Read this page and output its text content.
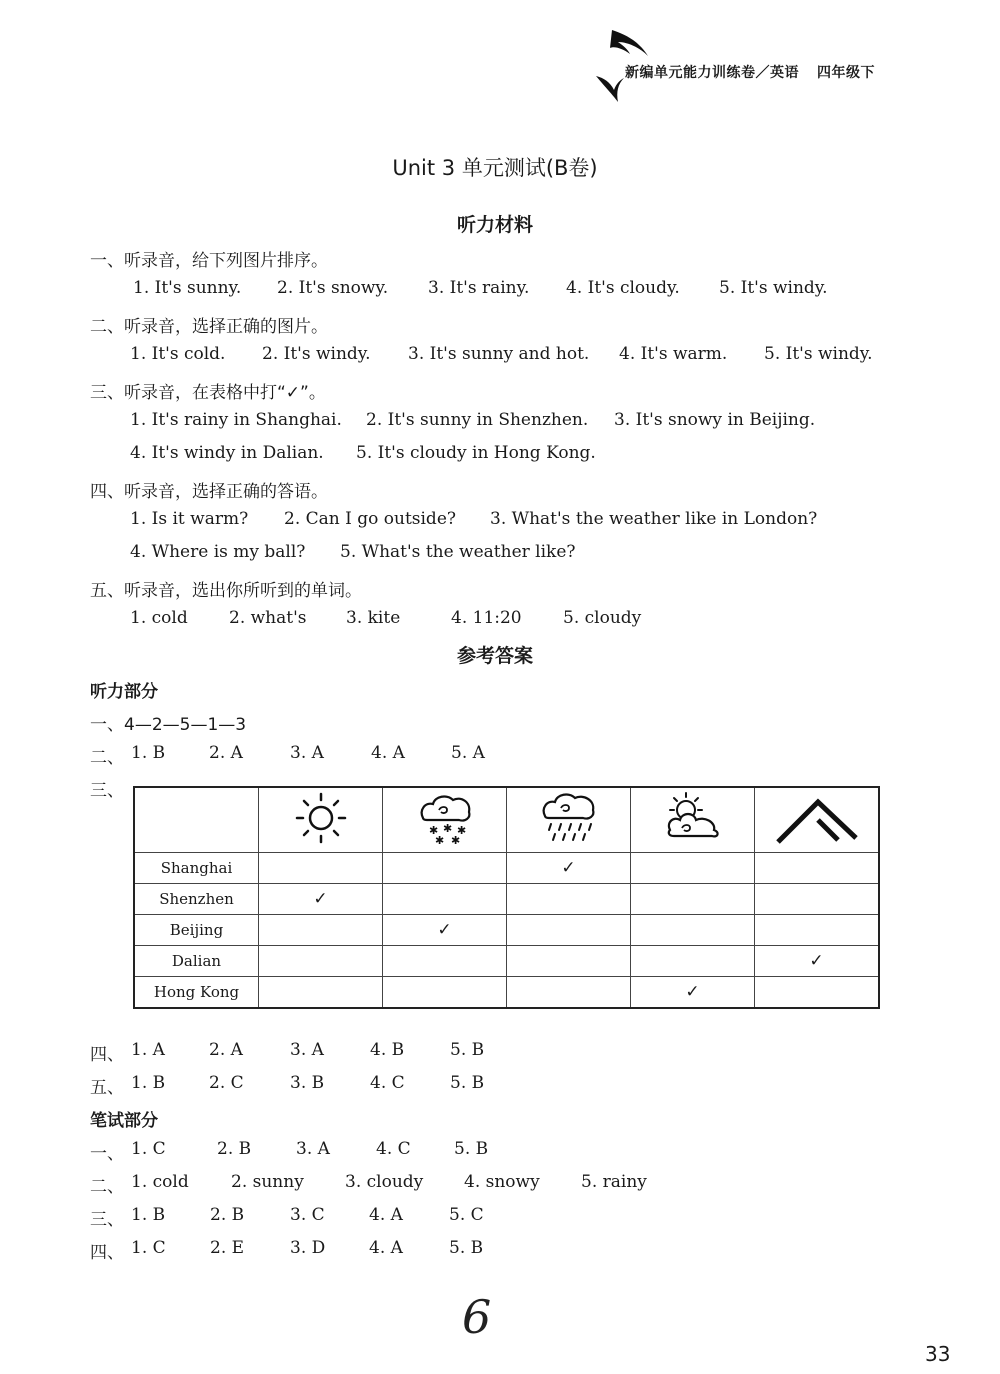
新编单元能力训练卷／英语 四年级下
Unit 3 单元测试(B卷)
听力材料
一、听录音，给下列图片排序。
1. It's sunny. 2. It's snowy. 3. It's rainy. 4. It's cloudy. 5. It's windy.
二、听录音，选择正确的图片。
1. It's cold. 2. It's windy. 3. It's sunny and hot. 4. It's warm. 5. It's windy.
三、听录音，在表格中打“✓”。
1. It's rainy in Shanghai. 2. It's sunny in Shenzhen. 3. It's snowy in Beijing.
4. It's windy in Dalian. 5. It's cloudy in Hong Kong.
四、听录音，选择正确的答语。
1. Is it warm? 2. Can I go outside? 3. What's the weather like in London?
4. Where is my ball? 5. What's the weather like?
五、听录音，选出你所听到的单词。
1. cold 2. what's 3. kite	4. 11:20 5. cloudy
参考答案
听力部分
一、4—2—5—1—3
二、 1. B	2. A	3. A	4. A	5. A
三、

✱ ✱ ✱
✱ ✱

Shanghai			✓		
Shenzhen	✓				
Beijing		✓			
Dalian					✓
Hong Kong				✓	
四、 1. A	2. A	3. A	4. B	5. B
五、 1. B	2. C	3. B	4. C	5. B
笔试部分
一、 1. C	2. B	3. A	4. C	5. B
二、 1. cold 2. sunny 3. cloudy 4. snowy 5. rainy
三、 1. B	2. B	3. C	4. A	5. C
四、 1. C	2. E	3. D	4. A	5. B
6
33
